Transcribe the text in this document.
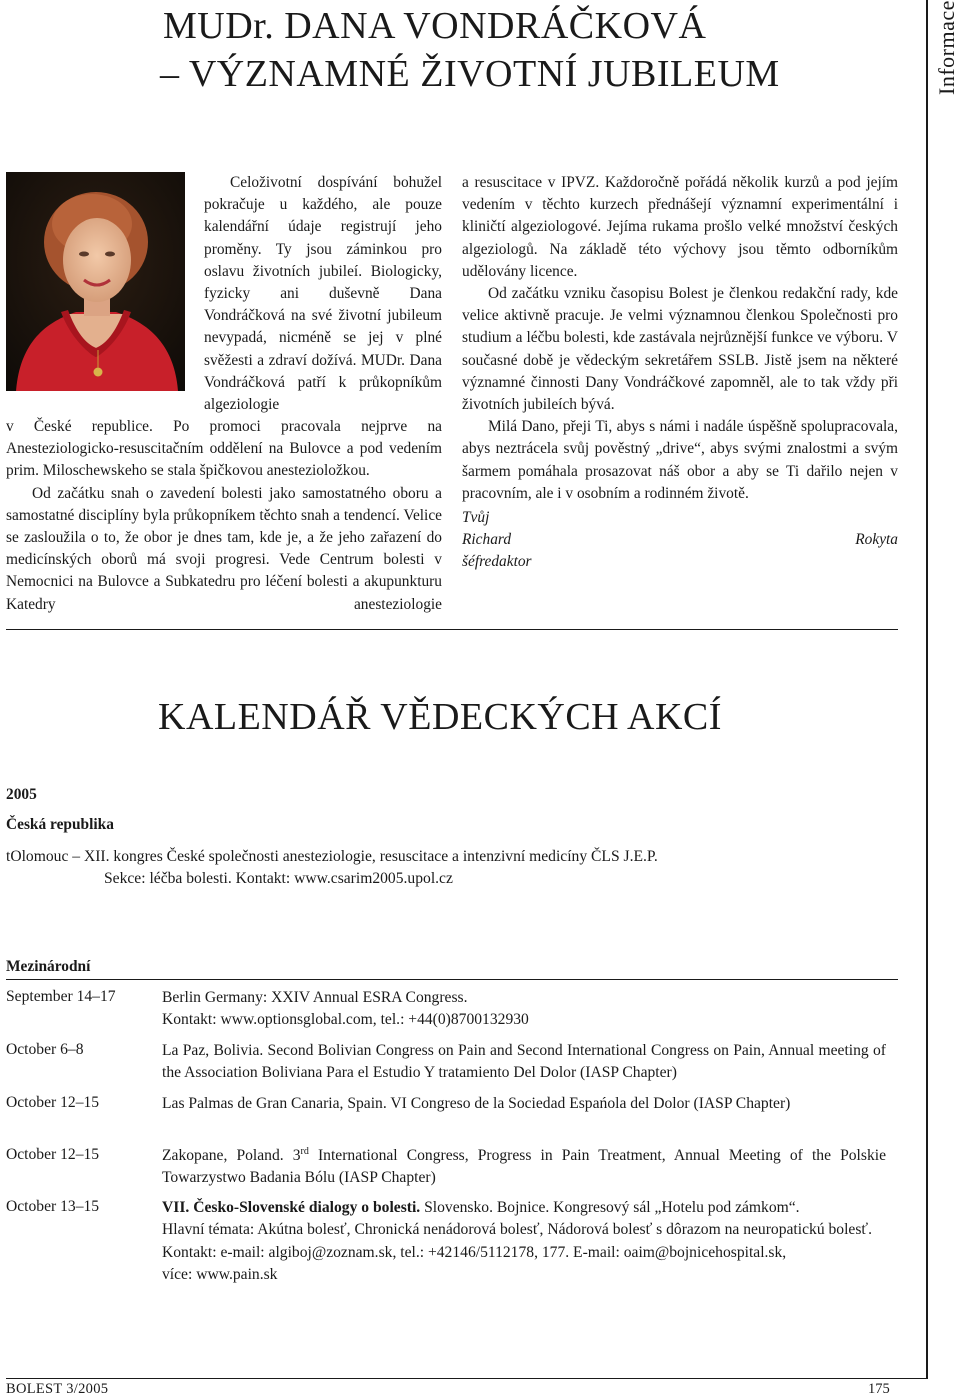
MUDr. DANA VONDRÁČKOVÁ
– VÝZNAMNÉ ŽIVOTNÍ JUBILEUM	Informace

Celoživotní dospívání bohužel pokračuje u každého, ale pouze kalendářní údaje registrují jeho proměny. Ty jsou záminkou pro oslavu životních jubileí. Biologicky, fyzicky ani duševně Dana Vondráčková na své životní jubileum nevypadá, nicméně se jej v plné svěžesti a zdraví dožívá. MUDr. Dana Vondráčková patří k průkopníkům algeziologie

v České republice. Po promoci pracovala nejprve na Anesteziologicko-resuscitačním oddělení na Bulovce a pod vedením prim. Miloschewskeho se stala špičkovou anestezioložkou.

Od začátku snah o zavedení bolesti jako samostatného oboru a samostatné disciplíny byla průkopníkem těchto snah a tendencí. Velice se zasloužila o to, že obor je dnes tam, kde je, a že jeho zařazení do medicínských oborů má svoji progresi. Vede Centrum bolesti v Nemocnici na Bulovce a Subkatedru pro léčení bolesti a akupunkturu Katedry anesteziologie

a resuscitace v IPVZ. Každoročně pořádá několik kurzů a pod jejím vedením v těchto kurzech přednášejí významní experimentální i kliničtí algeziologové. Jejíma rukama prošlo velké množství českých algeziologů. Na základě této výchovy jsou těmto odborníkům udělovány licence.

Od začátku vzniku časopisu Bolest je členkou redakční rady, kde velice aktivně pracuje. Je velmi významnou členkou Společnosti pro studium a léčbu bolesti, kde zastávala nejrůznější funkce ve výboru. V současné době je vědeckým sekretářem SSLB. Jistě jsem na některé významné činnosti Dany Vondráčkové zapomněl, ale to tak vždy při životních jubileích bývá.

Milá Dano, přeji Ti, abys s námi i nadále úspěšně spolupracovala, abys neztrácela svůj pověstný „drive“, abys svými znalostmi a svým šarmem pomáhala prosazovat náš obor a aby se Ti dařilo nejen v pracovním, ale i v osobním a rodinném životě.

Tvůj
Richard Rokyta
šéfredaktor
KALENDÁŘ VĚDECKÝCH AKCÍ
2005
Česká republika
tOlomouc – XII. kongres České společnosti anesteziologie, resuscitace a intenzivní medicíny ČLS J.E.P.
Sekce: léčba bolesti. Kontakt: www.csarim2005.upol.cz
Mezinárodní
September 14–17	Berlin Germany: XXIV Annual ESRA Congress.

Kontakt: www.optionsglobal.com, tel.: +44(0)8700132930

October 6–8	La Paz, Bolivia. Second Bolivian Congress on Pain and Second International Congress on Pain, Annual meeting of the Association Boliviana Para el Estudio Y tratamiento Del Dolor (IASP Chapter)
October 12–15	Las Palmas de Gran Canaria, Spain. VI Congreso de la Sociedad Espańola del Dolor (IASP Chapter)
October 12–15	Zakopane, Poland. 3rd International Congress, Progress in Pain Treatment, Annual Meeting of the Polskie Towarzystwo Badania Bólu (IASP Chapter)
October 13–15	VII. Česko-Slovenské dialogy o bolesti. Slovensko. Bojnice. Kongresový sál „Hotelu pod zámkom“.

Hlavní témata: Akútna bolesť, Chronická nenádorová bolesť, Nádorová bolesť s dôrazom na neuropatickú bolesť.

Kontakt: e-mail: algiboj@zoznam.sk, tel.: +42146/5112178, 177. E-mail: oaim@bojnicehospital.sk,

více: www.pain.sk

BOLEST 3/2005	175
